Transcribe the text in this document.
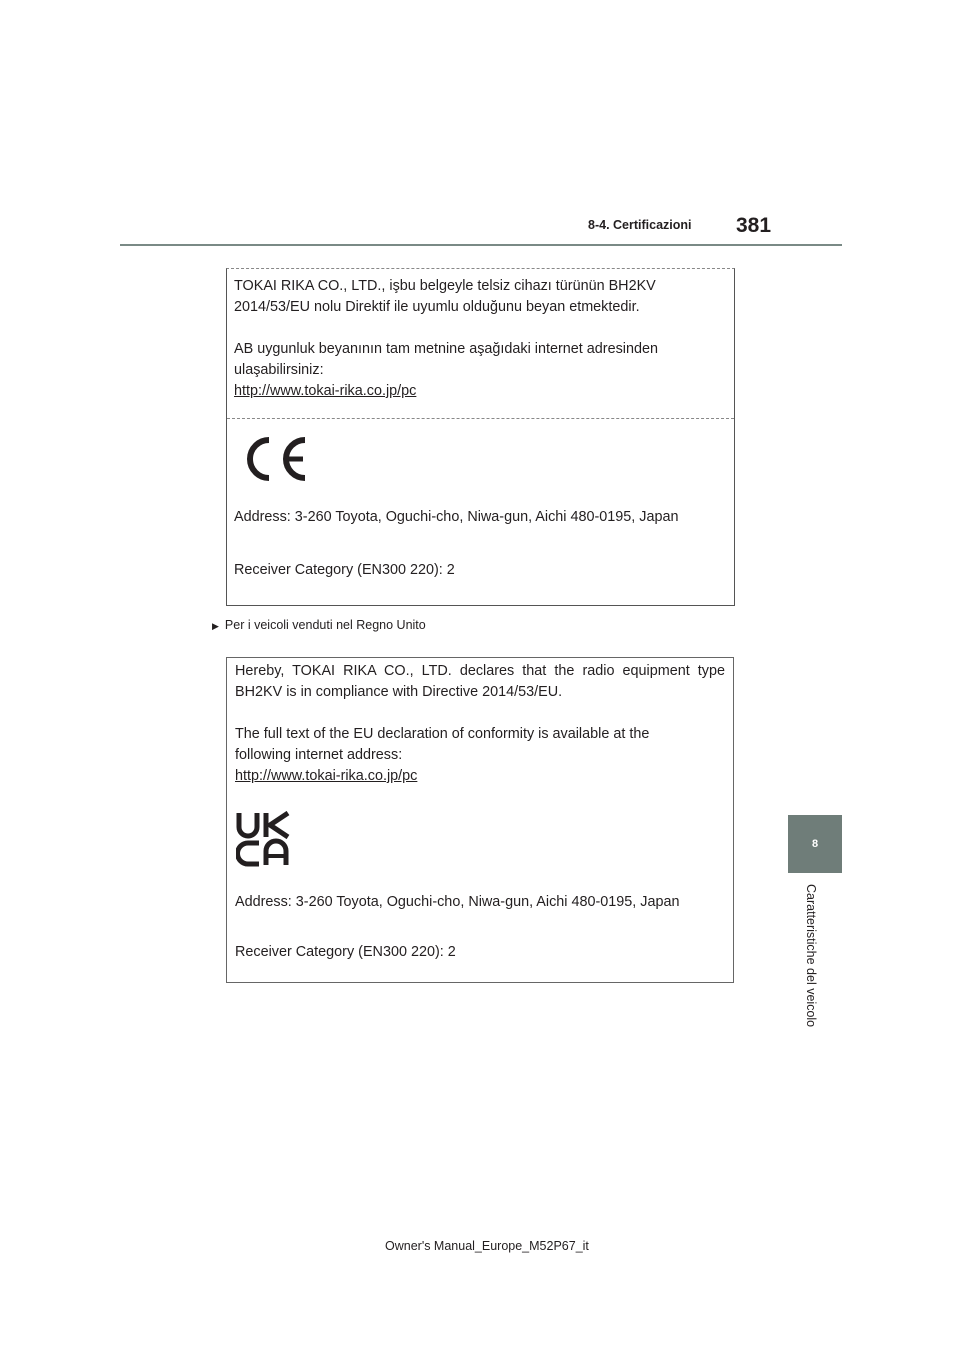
8-4. Certificazioni 381
8
Caratteristiche del veicolo

TOKAI RIKA CO., LTD., işbu belgeyle telsiz cihazı türünün BH2KV

2014/53/EU nolu Direktif ile uyumlu olduğunu beyan etmektedir.

AB uygunluk beyanının tam metnine aşağıdaki internet adresinden

ulaşabilirsiniz:

http://www.tokai-rika.co.jp/pc

Address: 3-260 Toyota, Oguchi-cho, Niwa-gun, Aichi 480-0195, Japan

Receiver Category (EN300 220): 2

▶ Per i veicoli venduti nel Regno Unito

Hereby, TOKAI RIKA CO., LTD. declares that the radio equipment type

BH2KV is in compliance with Directive 2014/53/EU.

The full text of the EU declaration of conformity is available at the

following internet address:

http://www.tokai-rika.co.jp/pc

Address: 3-260 Toyota, Oguchi-cho, Niwa-gun, Aichi 480-0195, Japan

Receiver Category (EN300 220): 2

Owner's Manual_Europe_M52P67_it
